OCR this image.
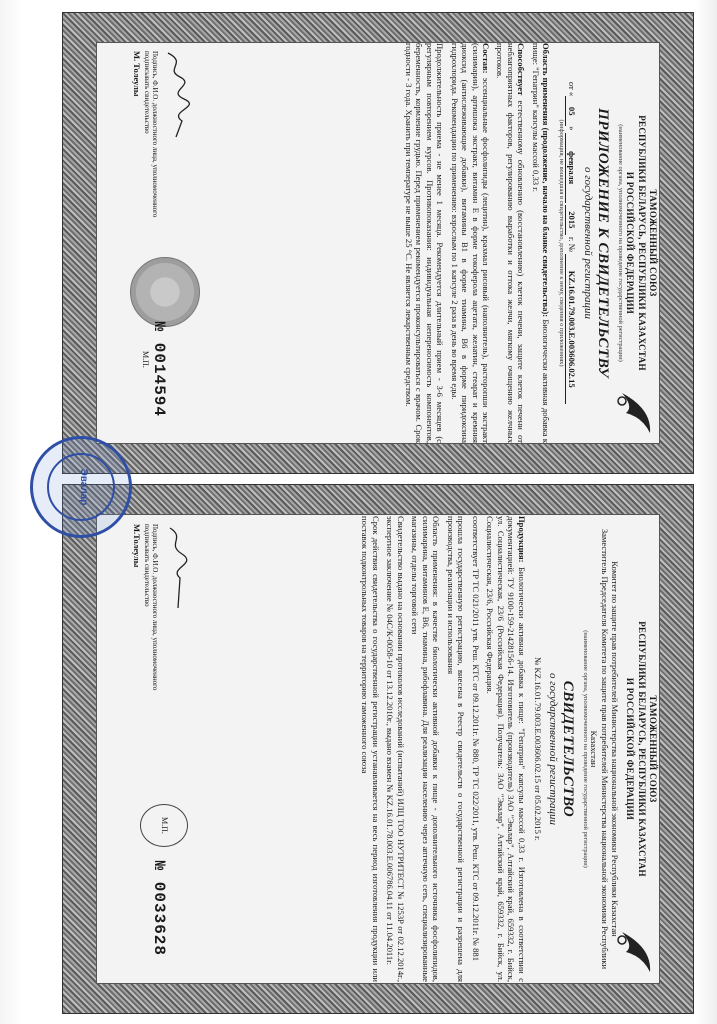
ТАМОЖЕННЫЙ СОЮЗ
РЕСПУБЛИКИ БЕЛАРУСЬ, РЕСПУБЛИКИ КАЗАХСТАН
И РОССИЙСКОЙ ФЕДЕРАЦИИ
(наименование органа, уполномоченного на проведение государственной регистрации)
ПРИЛОЖЕНИЕ К СВИДЕТЕЛЬСТВУ
о государственной регистрации
от «05» февраля 2015 г. № KZ.16.01.79.003.E.003606.02.15
(информация, не вошедшая в свидетельство, дополнение к нему, сведения о приложениях)

Область применения (продолжение, начало на бланке свидетельства): Биологически активная добавка к пище: "Гепатрин" капсулы массой 0,33 г.

Способствует естественному обновлению (восстановлению) клеток печени, защите клеток печени от неблагоприятных факторов, регулированию выработки и оттока желчи, мягкому очищению желчных протоков.

Состав: эссенциальные фосфолипиды (лецитин), крахмал рисовый (наполнитель), расторопши экстракт (силимарин), артишока экстракт, витамин Е в форме токоферола ацетата, желатин, стеарат и кремния диоксид (антислеживающие добавки), витамины В1 в форме тиамина, В6 в форме пиридоксина гидрохлорида. Рекомендации по применению: взрослым по 1 капсуле 2 раза в день во время еды.

Продолжительность приема - не менее 1 месяца. Рекомендуется длительный прием - 3-6 месяцев (с регулярным повторением курсов. Противопоказания: индивидуальная непереносимость компонентов, беременность, кормление грудью. Перед применением рекомендуется проконсультироваться с врачом. Срок годности - 3 года. Хранить при температуре не выше 25 °С. Не является лекарственным средством.

Подпись, Ф.И.О. должностного лица, уполномоченного подписывать свидетельство
М. Толеулы
М.П.
№ 0014594
ТАМОЖЕННЫЙ СОЮЗ
РЕСПУБЛИКИ БЕЛАРУСЬ, РЕСПУБЛИКИ КАЗАХСТАН
И РОССИЙСКОЙ ФЕДЕРАЦИИ
Комитет по защите прав потребителей Министерства национальной экономики Республики Казахстан
Заместитель Председателя Комитета по защите прав потребителей Министерства национальной экономики Республики Казахстан
(наименование органа, уполномоченного на проведение государственной регистрации)
СВИДЕТЕЛЬСТВО
о государственной регистрации
№ KZ.16.01.79.003.E.003606.02.15 от 05.02.2015 г.

Продукция: Биологически активная добавка к пище: "Гепатрин" капсулы массой 0,33 г. Изготовлена в соответствии с документацией: ТУ 9100-159-21428156-14. Изготовитель (производитель) ЗАО "Эвалар", Алтайский край, 659332, г. Бийск, ул. Социалистическая, 23/6 (Российская Федерация). Получатель: ЗАО "Эвалар", Алтайский край, 659332, г. Бийск, ул. Социалистическая, 23/6, Российская Федерация.

соответствует ТР ТС 021/2011 утв. Реш. КТС от 09.12.2011г. № 880, ТР ТС 022/2011, утв. Реш. КТС от 09.12.2011г. № 881

прошла государственную регистрацию, внесена в Реестр свидетельств о государственной регистрации и разрешена для производства, реализации и использования

Область применения: в качестве биологически активной добавки к пище - дополнительного источника фосфолипидов, силимарина, витаминов Е, В6, тиамина, рибофлавина. Для реализации населению через аптечную сеть, специализированные магазины, отделы торговой сети

Свидетельство выдано на основании протоколов исследований (испытаний) ИЛЦ ТОО НУТРИТЕСТ № 1253Р от 02.12.2014г., экспертное заключение № 04С/К-0058-10 от 13.12.2010г., выдано взамен № KZ.16.01.78.003.E.006786.04.11 от 11.04.2011г.

Срок действия свидетельства о государственной регистрации устанавливается на весь период изготовления продукции или поставок подконтрольных товаров на территорию таможенного союза

Подпись, Ф.И.О. должностного лица, уполномоченного подписывать свидетельство
М.Толеулы
М.П.
№ 0033628
Эвалар
